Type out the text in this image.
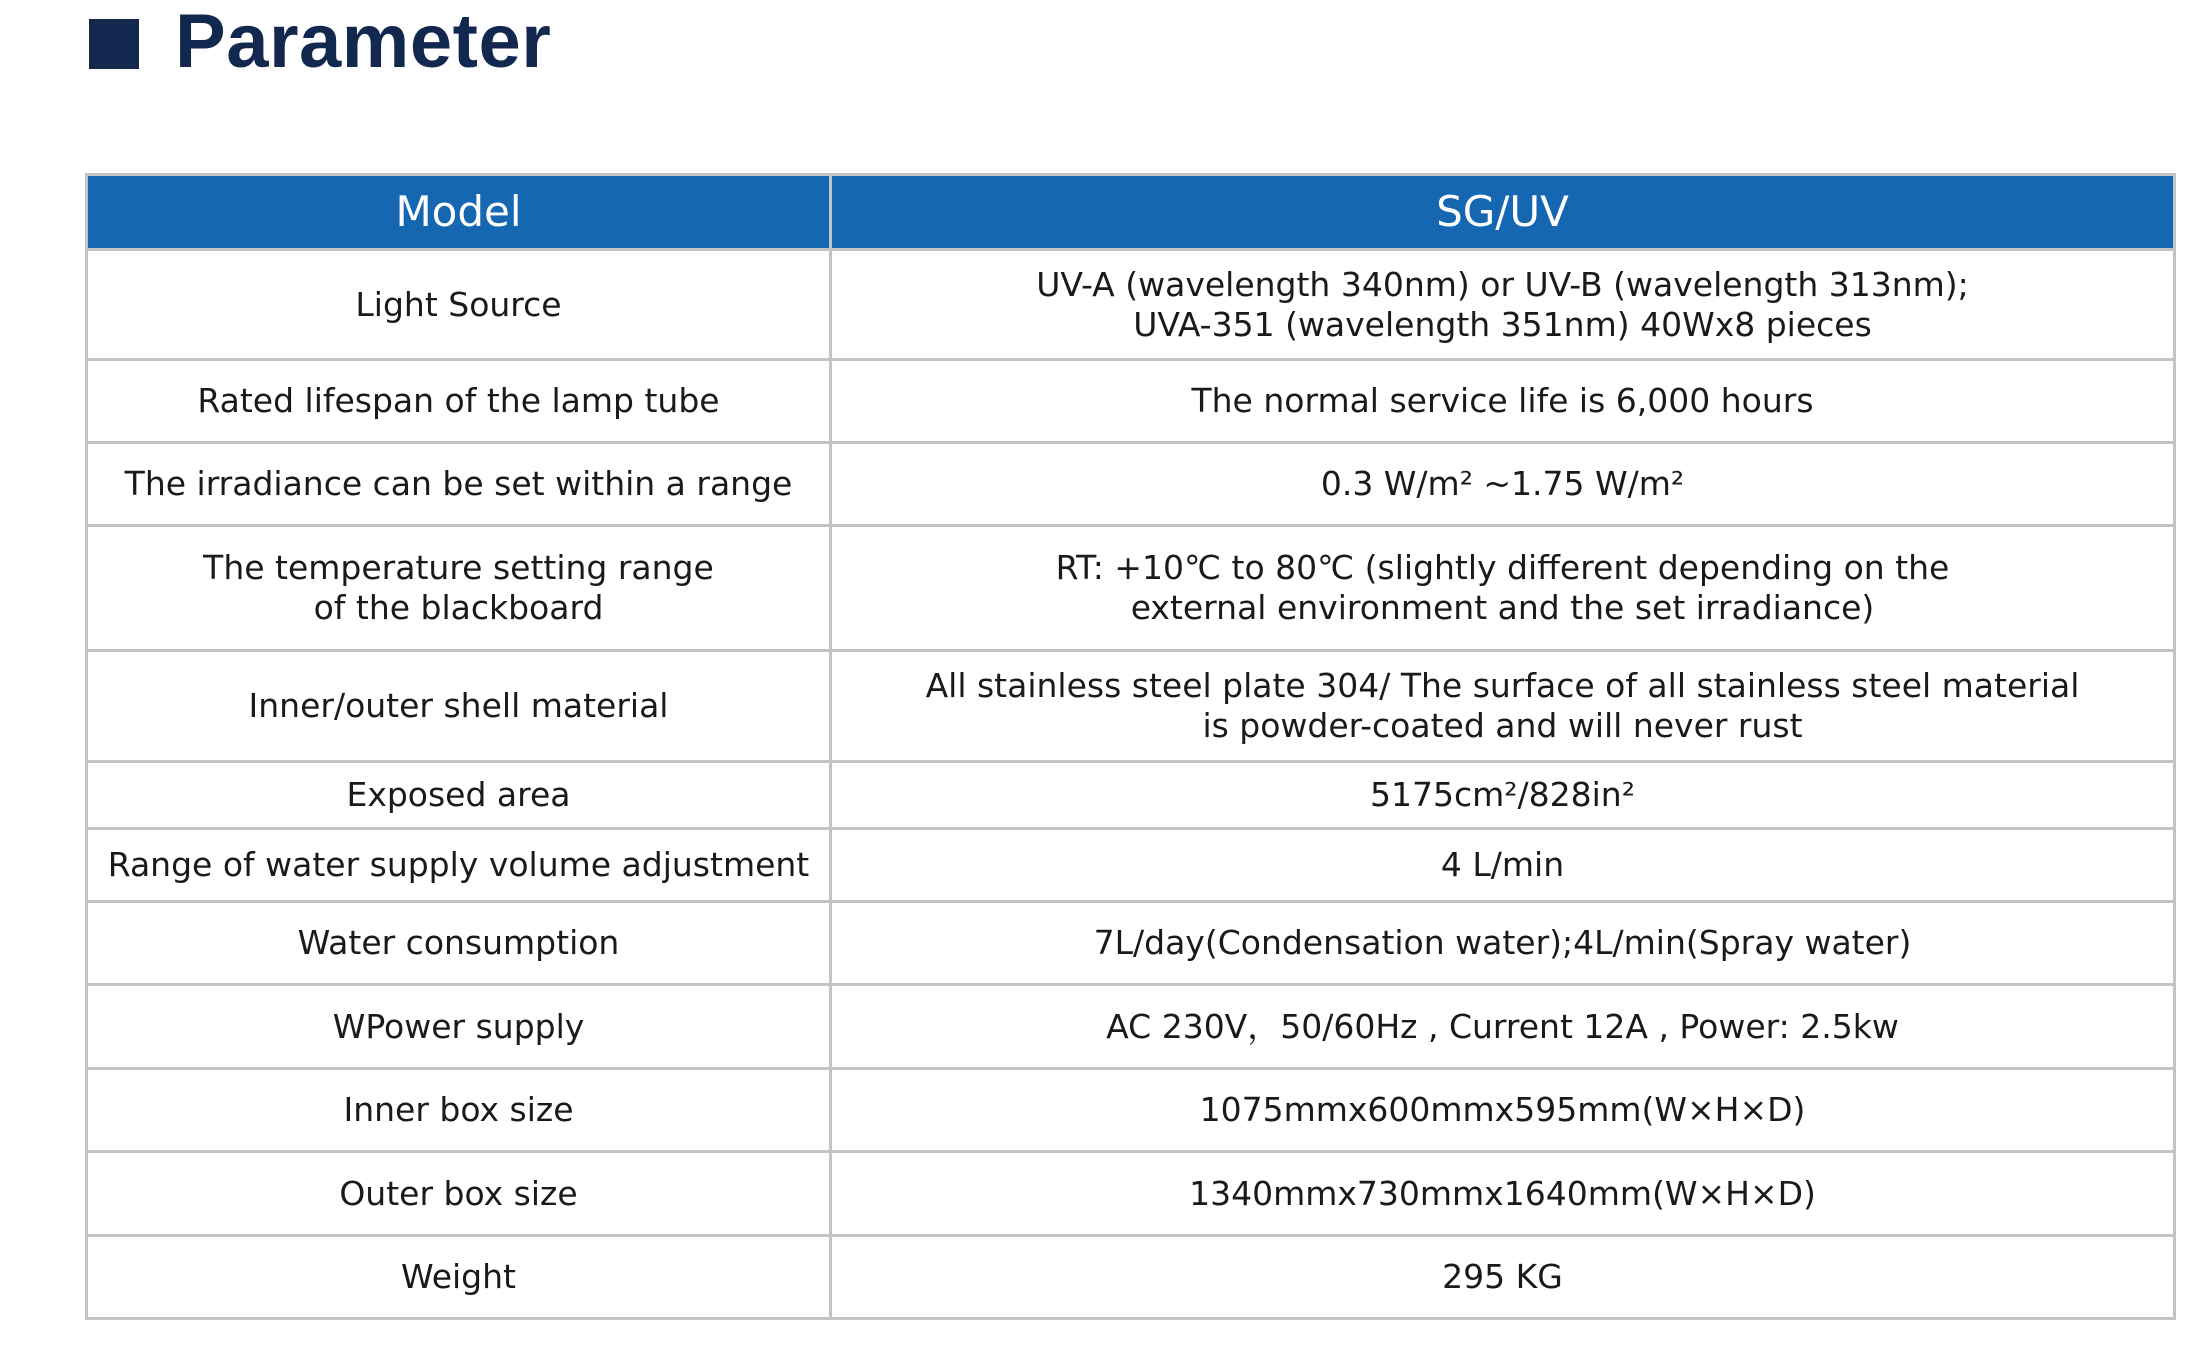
Parameter
Model	SG/UV

Light Source	UV-A (wavelength 340nm) or UV-B (wavelength 313nm);
UVA-351 (wavelength 351nm) 40Wx8 pieces

Rated lifespan of the lamp tube	The normal service life is 6,000 hours

The irradiance can be set within a range	0.3 W/m² ~1.75 W/m²

The temperature setting range
of the blackboard	RT: +10℃ to 80℃ (slightly different depending on the
external environment and the set irradiance)

Inner/outer shell material	All stainless steel plate 304/ The surface of all stainless steel material
is powder-coated and will never rust

Exposed area	5175cm²/828in²

Range of water supply volume adjustment	4 L/min

Water consumption	7L/day(Condensation water);4L/min(Spray water)

WPower supply	AC 230V，50/60Hz , Current 12A , Power: 2.5kw

Inner box size	1075mmx600mmx595mm(W×H×D)

Outer box size	1340mmx730mmx1640mm(W×H×D)

Weight	295 KG
